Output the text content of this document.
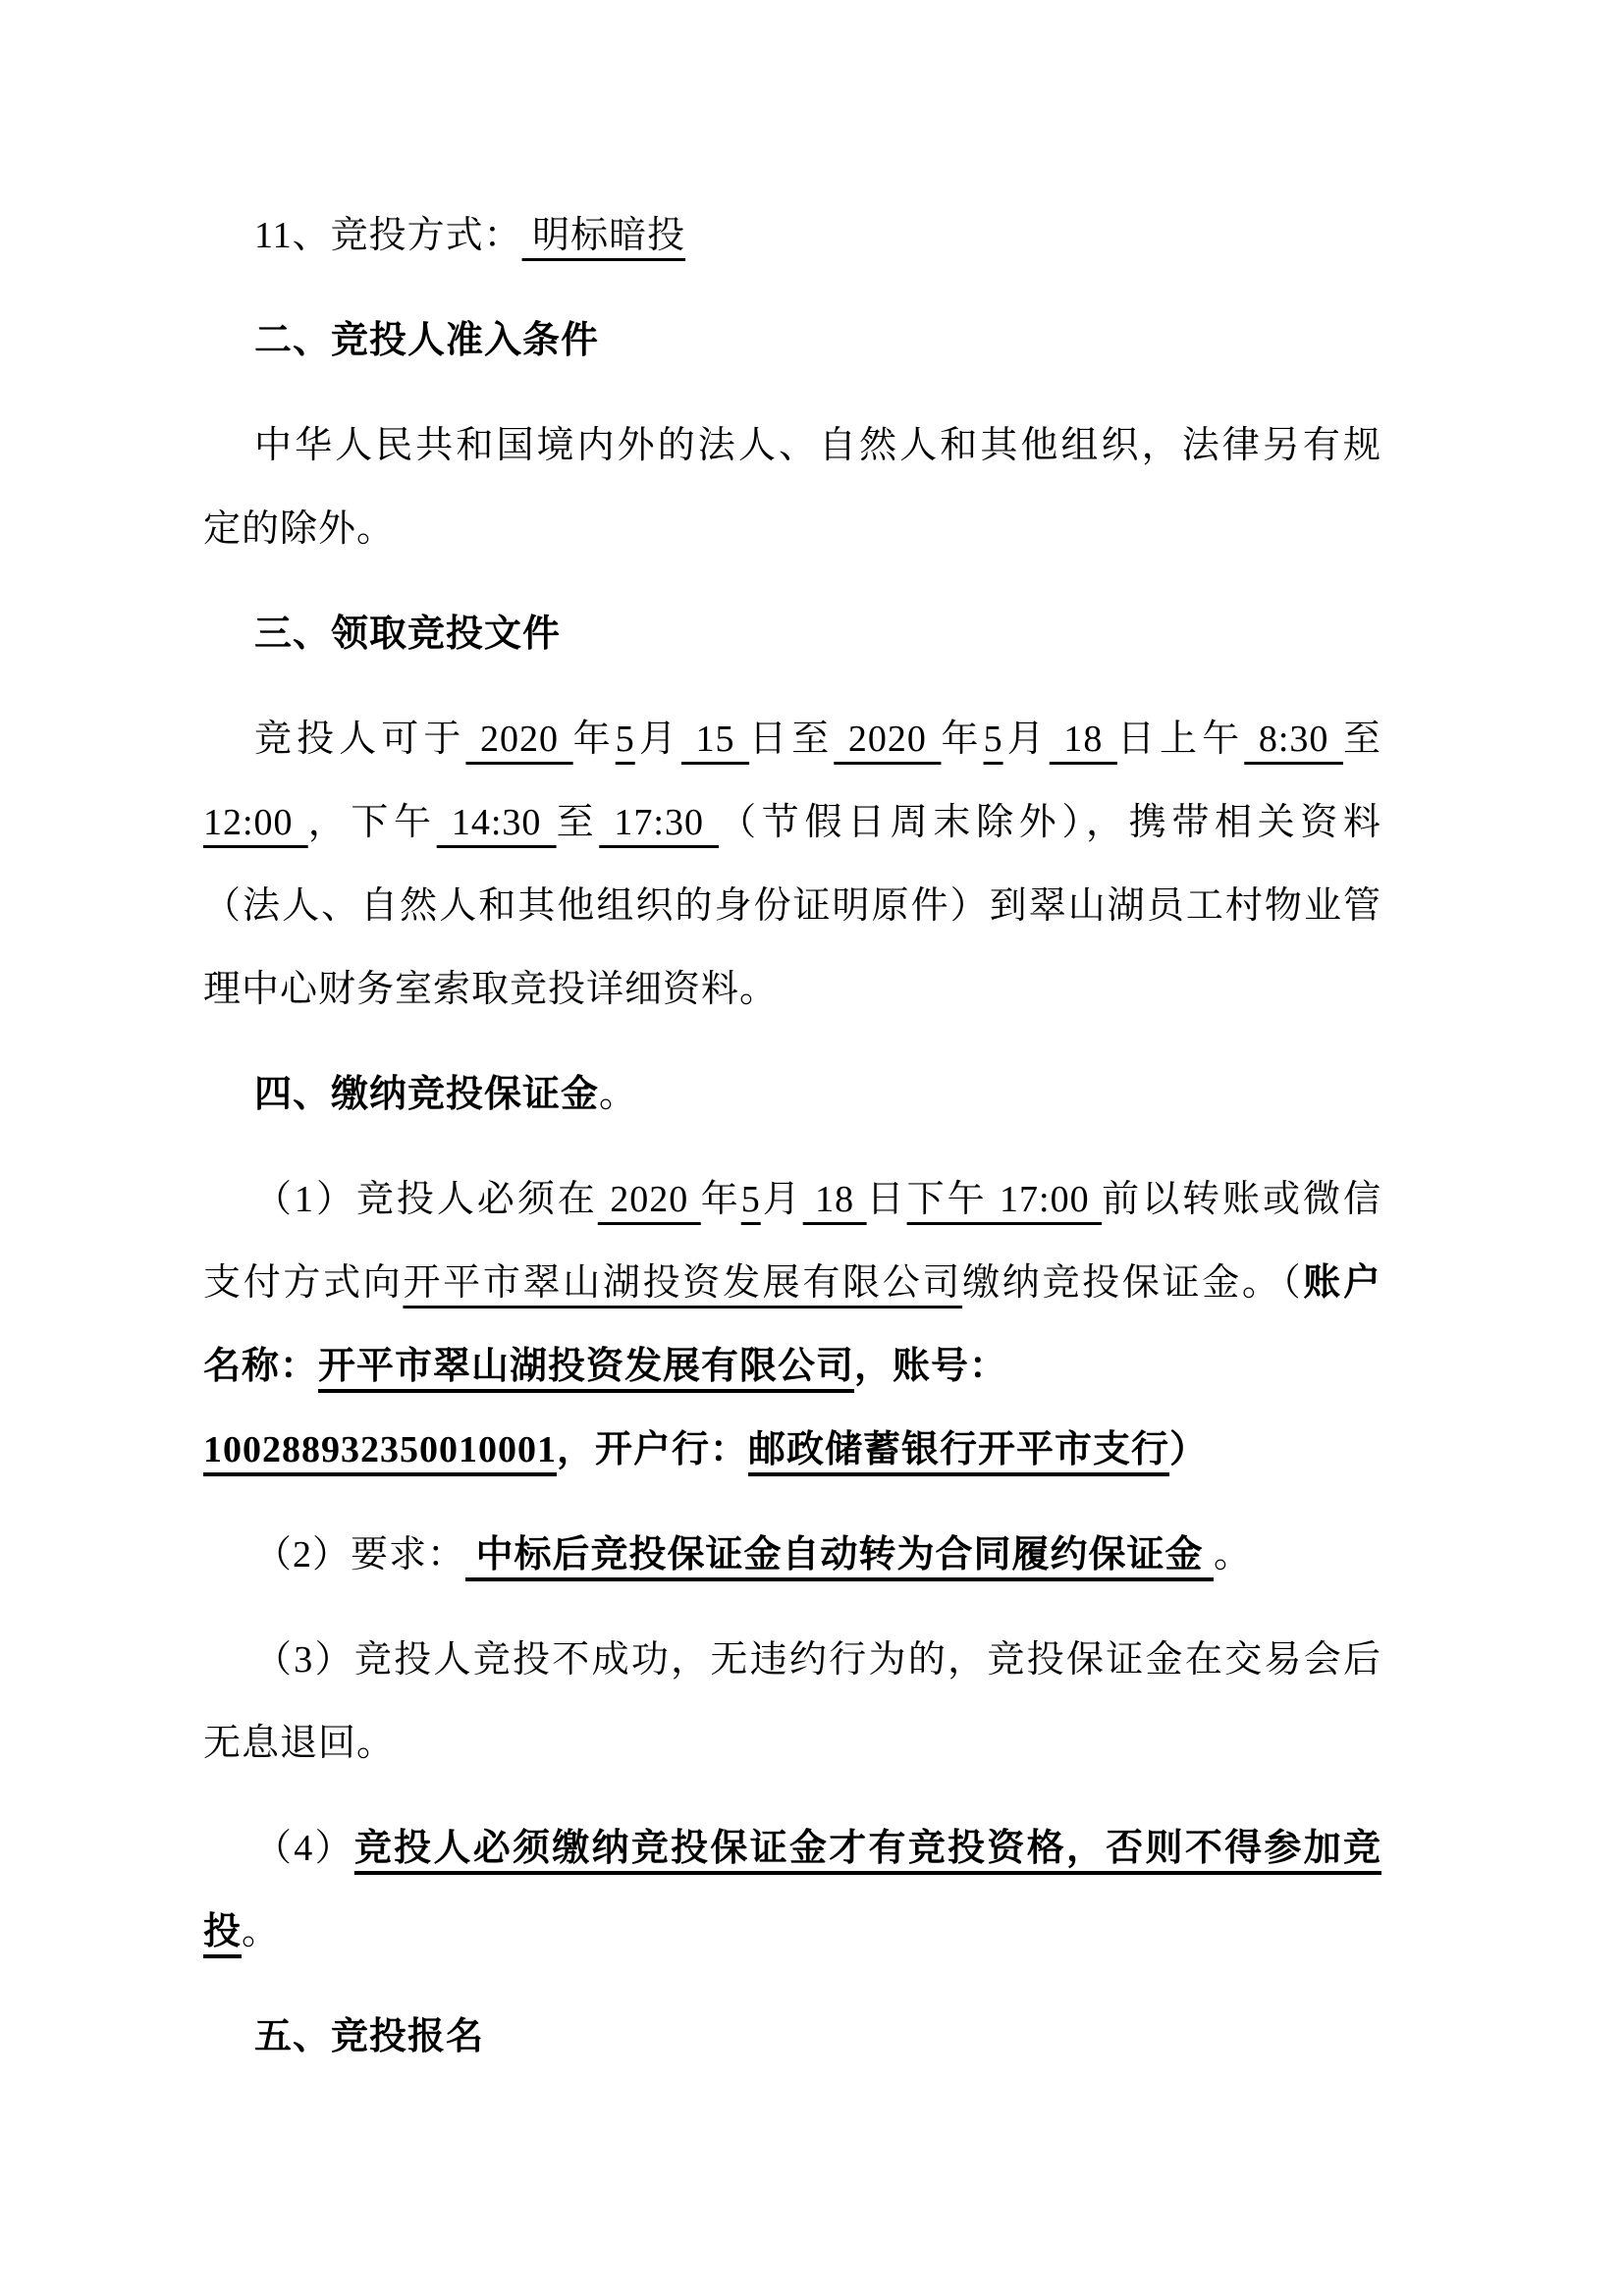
11、竞投方式： 明标暗投
二、竞投人准入条件
中华人民共和国境内外的法人、自然人和其他组织，法律另有规
定的除外。
三、领取竞投文件
竞投人可于 2020 年5月 15 日至 2020 年5月 18 日上午 8:30 至
12:00 ，下午 14:30 至 17:30 （节假日周末除外），携带相关资料
（法人、自然人和其他组织的身份证明原件）到翠山湖员工村物业管
理中心财务室索取竞投详细资料。
四、缴纳竞投保证金。
（1）竞投人必须在 2020 年5月 18 日下午 17:00 前以转账或微信
支付方式向开平市翠山湖投资发展有限公司缴纳竞投保证金。（账户
名称：开平市翠山湖投资发展有限公司，账号：
100288932350010001，开户行：邮政储蓄银行开平市支行）
（2）要求： 中标后竞投保证金自动转为合同履约保证金 。
（3）竞投人竞投不成功，无违约行为的，竞投保证金在交易会后
无息退回。
（4）竞投人必须缴纳竞投保证金才有竞投资格，否则不得参加竞
投。
五、竞投报名
